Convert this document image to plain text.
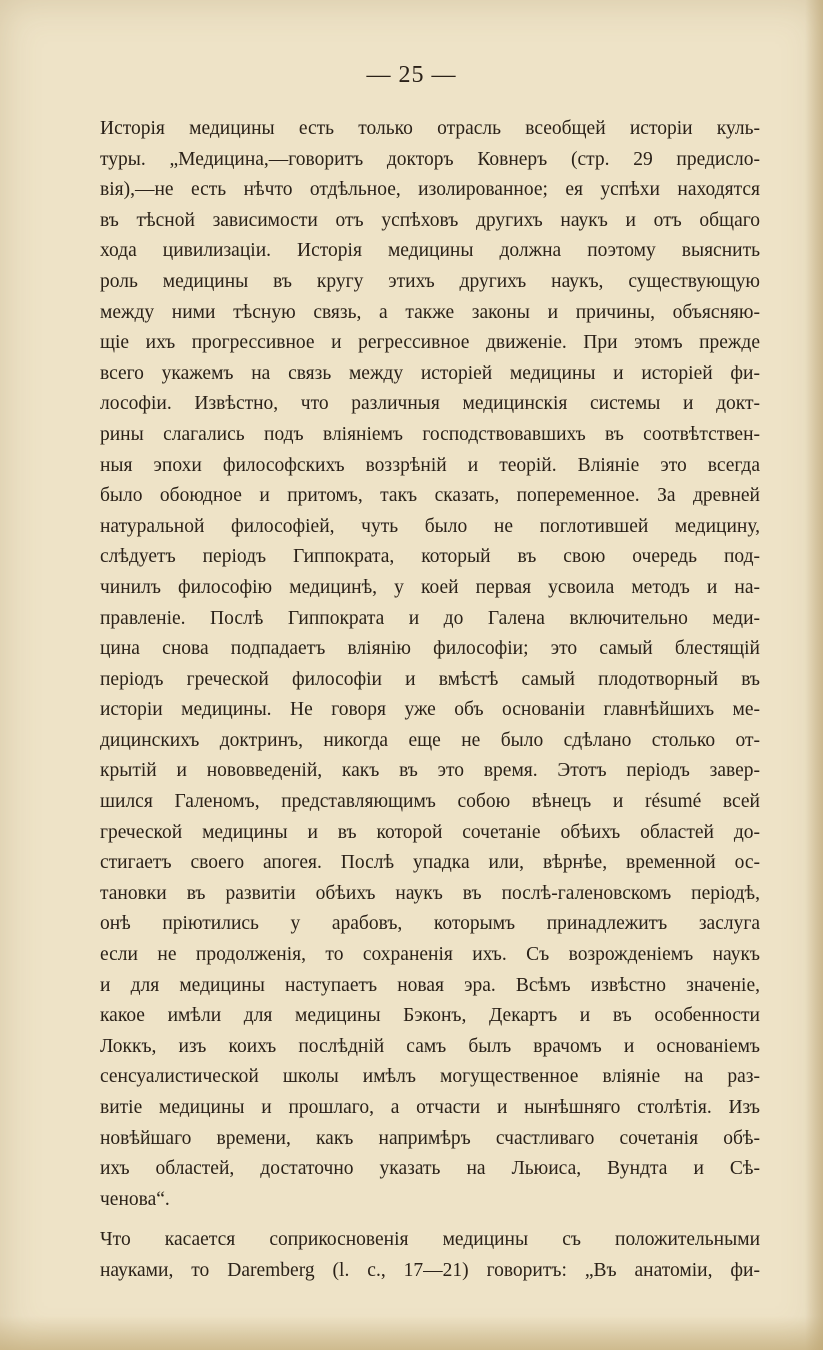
— 25 —
Исторія медицины есть только отрасль всеобщей исторіи куль-
туры. „Медицина,—говоритъ докторъ Ковнеръ (стр. 29 предисло-
вія),—не есть нѣчто отдѣльное, изолированное; ея успѣхи находятся
въ тѣсной зависимости отъ успѣховъ другихъ наукъ и отъ общаго
хода цивилизаціи. Исторія медицины должна поэтому выяснить
роль медицины въ кругу этихъ другихъ наукъ, существующую
между ними тѣсную связь, а также законы и причины, объясняю-
щіе ихъ прогрессивное и регрессивное движеніе. При этомъ прежде
всего укажемъ на связь между исторіей медицины и исторіей фи-
лософіи. Извѣстно, что различныя медицинскія системы и докт-
рины слагались подъ вліяніемъ господствовавшихъ въ соотвѣтствен-
ныя эпохи философскихъ воззрѣній и теорій. Вліяніе это всегда
было обоюдное и притомъ, такъ сказать, попеременное. За древней
натуральной философіей, чуть было не поглотившей медицину,
слѣдуетъ періодъ Гиппократа, который въ свою очередь под-
чинилъ философію медицинѣ, у коей первая усвоила методъ и на-
правленіе. Послѣ Гиппократа и до Галена включительно меди-
цина снова подпадаетъ вліянію философіи; это самый блестящій
періодъ греческой философіи и вмѣстѣ самый плодотворный въ
исторіи медицины. Не говоря уже объ основаніи главнѣйшихъ ме-
дицинскихъ доктринъ, никогда еще не было сдѣлано столько от-
крытій и нововведеній, какъ въ это время. Этотъ періодъ завер-
шился Галеномъ, представляющимъ собою вѣнецъ и résumé всей
греческой медицины и въ которой сочетаніе обѣихъ областей до-
стигаетъ своего апогея. Послѣ упадка или, вѣрнѣе, временной ос-
тановки въ развитіи обѣихъ наукъ въ послѣ-галеновскомъ періодѣ,
онѣ пріютились у арабовъ, которымъ принадлежитъ заслуга
если не продолженія, то сохраненія ихъ. Съ возрожденіемъ наукъ
и для медицины наступаетъ новая эра. Всѣмъ извѣстно значеніе,
какое имѣли для медицины Бэконъ, Декартъ и въ особенности
Локкъ, изъ коихъ послѣдній самъ былъ врачомъ и основаніемъ
сенсуалистической школы имѣлъ могущественное вліяніе на раз-
витіе медицины и прошлаго, а отчасти и нынѣшняго столѣтія. Изъ
новѣйшаго времени, какъ напримѣръ счастливаго сочетанія обѣ-
ихъ областей, достаточно указать на Льюиса, Вундта и Сѣ-
ченова“.
Что касается соприкосновенія медицины съ положительными
науками, то Daremberg (l. c., 17—21) говоритъ: „Въ анатоміи, фи-
